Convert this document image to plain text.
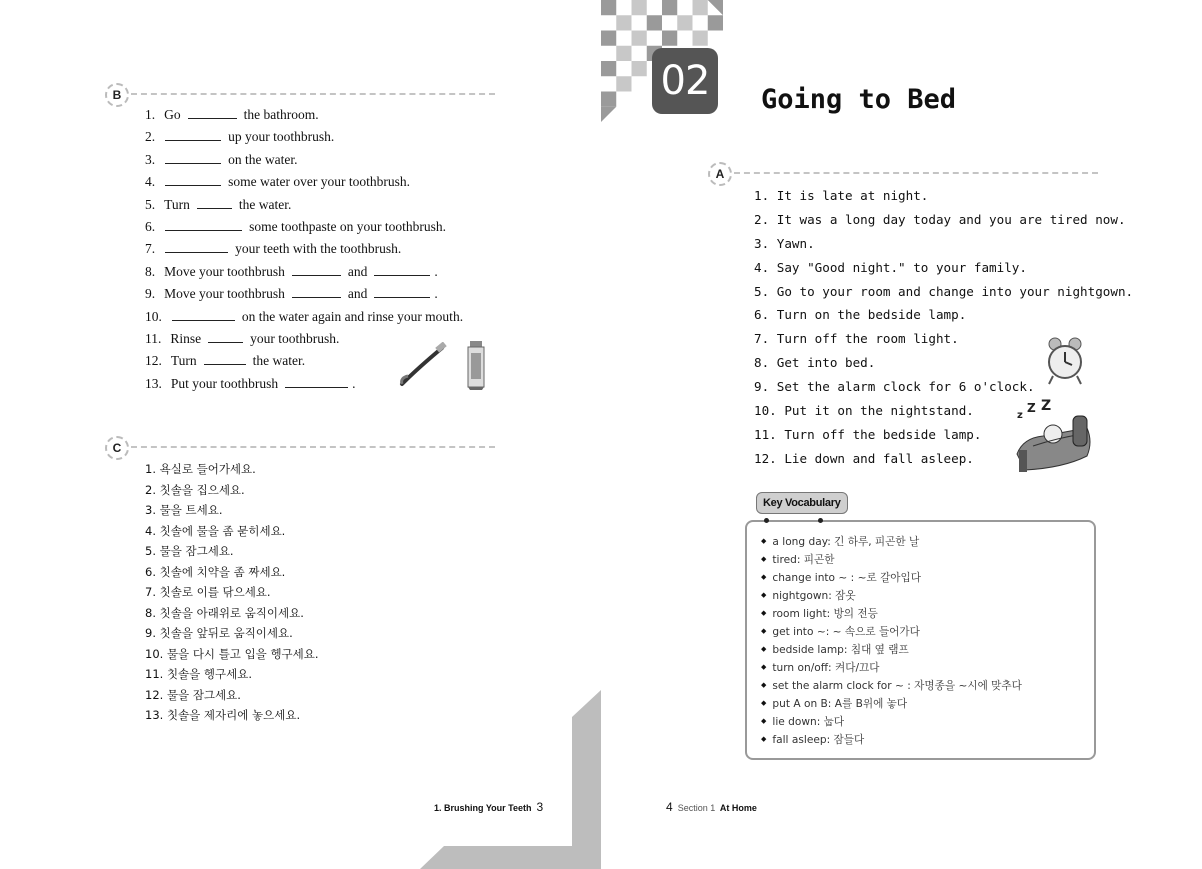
B
1. Go	the bathroom.
2.	up your toothbrush.
3.	on the water.
4.	some water over your toothbrush.
5. Turn	the water.
6.	some toothpaste on your toothbrush.
7.	your teeth with the toothbrush.
8. Move your toothbrush	and	.
9. Move your toothbrush	and	.
10.	on the water again and rinse your mouth.
11. Rinse	your toothbrush.
12. Turn	the water.
13. Put your toothbrush	.
C
1. 욕실로 들어가세요.
2. 칫솔을 집으세요.
3. 물을 트세요.
4. 칫솔에 물을 좀 묻히세요.
5. 물을 잠그세요.
6. 칫솔에 치약을 좀 짜세요.
7. 칫솔로 이를 닦으세요.
8. 칫솔을 아래위로 움직이세요.
9. 칫솔을 앞뒤로 움직이세요.
10. 물을 다시 틀고 입을 헹구세요.
11. 칫솔을 헹구세요.
12. 물을 잠그세요.
13. 칫솔을 제자리에 놓으세요.
1. Brushing Your Teeth 3
02	Going to Bed
A
1. It is late at night.
2. It was a long day today and you are tired now.
3. Yawn.
4. Say "Good night." to your family.
5. Go to your room and change into your nightgown.
6. Turn on the bedside lamp.
7. Turn off the room light.
8. Get into bed.
9. Set the alarm clock for 6 o'clock.
10. Put it on the nightstand.
11. Turn off the bedside lamp.
12. Lie down and fall asleep.
z
Z Z
Key Vocabulary
◆ a long day: 긴 하루, 피곤한 날
◆ tired: 피곤한
◆ change into ~ : ~로 갈아입다
◆ nightgown: 잠옷
◆ room light: 방의 전등
◆ get into ~: ~ 속으로 들어가다
◆ bedside lamp: 침대 옆 램프
◆ turn on/off: 켜다/끄다
◆ set the alarm clock for ~ : 자명종을 ~시에 맞추다
◆ put A on B: A를 B위에 놓다
◆ lie down: 눕다
◆ fall asleep: 잠들다
4 Section 1 At Home
